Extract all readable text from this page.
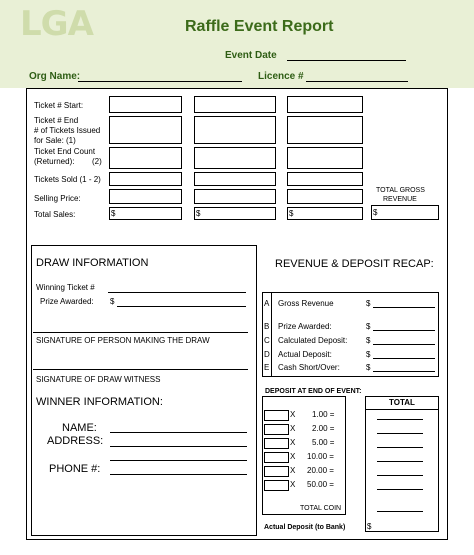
LGA	Raffle Event Report
Event Date
Org Name:	Licence #
Ticket # Start:
Ticket # End
# of Tickets Issued
for Sale: (1)
Ticket End Count
(Returned): (2)
Tickets Sold (1 - 2)
Selling Price:
Total Sales:	$	$	$
TOTAL GROSS
REVENUE
$
DRAW INFORMATION
Winning Ticket #
Prize Awarded: $
SIGNATURE OF PERSON MAKING THE DRAW
SIGNATURE OF DRAW WITNESS
WINNER INFORMATION:
NAME:
ADDRESS:
PHONE #:
REVENUE & DEPOSIT RECAP:
A Gross Revenue	$
B Prize Awarded:	$
C Calculated Deposit: $
D Actual Deposit:	$
E Cash Short/Over:	$
DEPOSIT AT END OF EVENT:
TOTAL
X 1.00 =
X 2.00 =
X 5.00 =
X 10.00 =
X 20.00 =
X 50.00 =
TOTAL COIN
Actual Deposit (to Bank)	$
